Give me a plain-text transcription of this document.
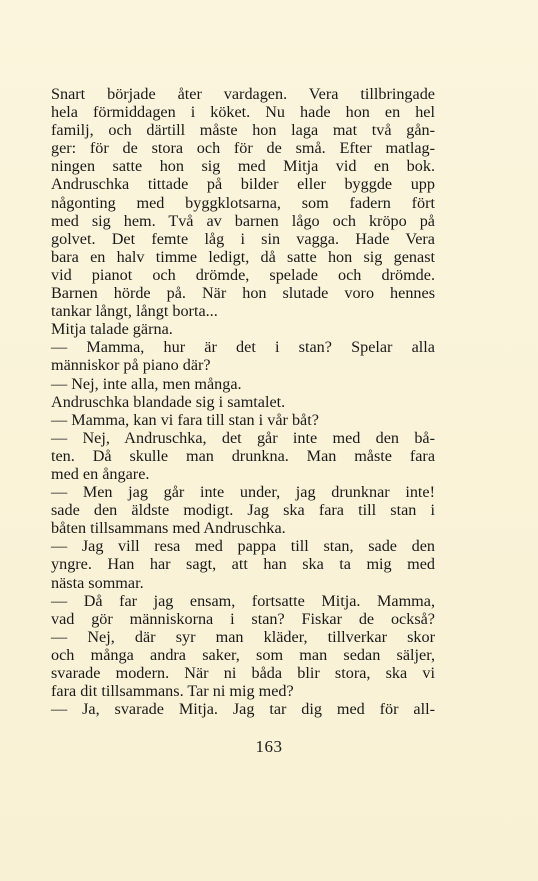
Snart började åter vardagen. Vera tillbringade
hela förmiddagen i köket. Nu hade hon en hel
familj, och därtill måste hon laga mat två gån-
ger: för de stora och för de små. Efter matlag-
ningen satte hon sig med Mitja vid en bok.
Andruschka tittade på bilder eller byggde upp
någonting med byggklotsarna, som fadern fört
med sig hem. Två av barnen lågo och kröpo på
golvet. Det femte låg i sin vagga. Hade Vera
bara en halv timme ledigt, då satte hon sig genast
vid pianot och drömde, spelade och drömde.
Barnen hörde på. När hon slutade voro hennes
tankar långt, långt borta...
Mitja talade gärna.
— Mamma, hur är det i stan? Spelar alla
människor på piano där?
— Nej, inte alla, men många.
Andruschka blandade sig i samtalet.
— Mamma, kan vi fara till stan i vår båt?
— Nej, Andruschka, det går inte med den bå-
ten. Då skulle man drunkna. Man måste fara
med en ångare.
— Men jag går inte under, jag drunknar inte!
sade den äldste modigt. Jag ska fara till stan i
båten tillsammans med Andruschka.
— Jag vill resa med pappa till stan, sade den
yngre. Han har sagt, att han ska ta mig med
nästa sommar.
— Då far jag ensam, fortsatte Mitja. Mamma,
vad gör människorna i stan? Fiskar de också?
— Nej, där syr man kläder, tillverkar skor
och många andra saker, som man sedan säljer,
svarade modern. När ni båda blir stora, ska vi
fara dit tillsammans. Tar ni mig med?
— Ja, svarade Mitja. Jag tar dig med för all-
163
